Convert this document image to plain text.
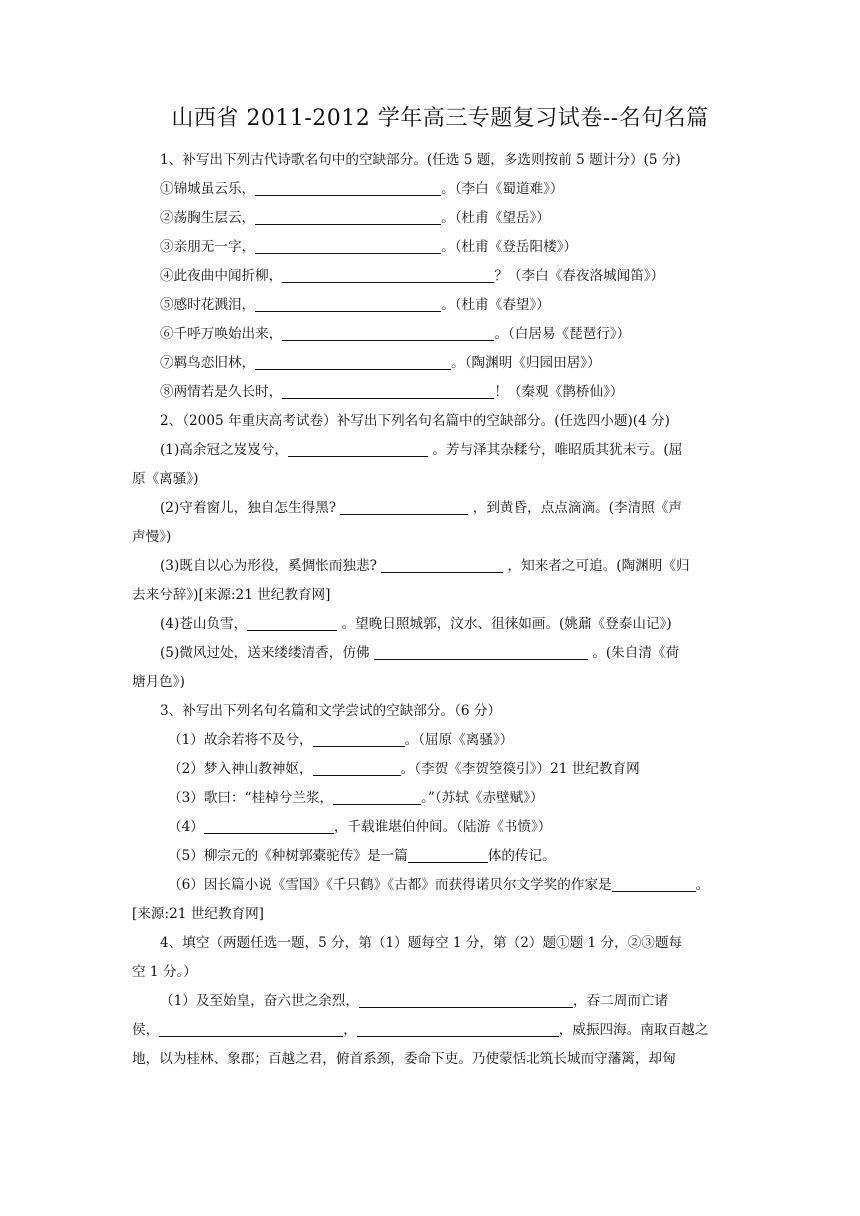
山西省 2011-2012 学年高三专题复习试卷--名句名篇
1、补写出下列古代诗歌名句中的空缺部分。(任选 5 题，多选则按前 5 题计分）(5 分)
①锦城虽云乐，	。（李白《蜀道难》）
②荡胸生层云，	。（杜甫《望岳》）
③亲朋无一字，	。（杜甫《登岳阳楼》）
④此夜曲中闻折柳，	？（李白《春夜洛城闻笛》）
⑤感时花溅泪，	。（杜甫《春望》）
⑥千呼万唤始出来，	。（白居易《琵琶行》）
⑦羁鸟恋旧林，	。（陶渊明《归园田居》）
⑧两情若是久长时，	！（秦观《鹊桥仙》）
2、（2005 年重庆高考试卷）补写出下列名句名篇中的空缺部分。(任选四小题)(4 分)
(1)高余冠之岌岌兮，	。芳与泽其杂糅兮，唯昭质其犹未亏。(屈
原《离骚》)
(2)守着窗儿，独自怎生得黑?	，到黄昏，点点滴滴。(李清照《声
声慢》)
(3)既自以心为形役，奚惆怅而独悲?	，知来者之可追。(陶渊明《归
去来兮辞》)[来源:21 世纪教育网]
(4)苍山负雪，	。望晚日照城郭，汶水、徂徕如画。(姚鼐《登泰山记》)
(5)微风过处，送来缕缕清香，仿佛	。(朱自清《荷
塘月色》)
3、补写出下列名句名篇和文学尝试的空缺部分。（6 分）
（1）故余若将不及兮，	。（屈原《离骚》）
（2）梦入神山教神妪，	。（李贺《李贺箜篌引》）21 世纪教育网
（3）歌曰：“桂棹兮兰浆，	。”（苏轼《赤壁赋》）
（4）	，千载谁堪伯仲间。（陆游《书愤》）
（5）柳宗元的《种树郭橐驼传》是一篇	体的传记。
（6）因长篇小说《雪国》《千只鹤》《古都》而获得诺贝尔文学奖的作家是	。
[来源:21 世纪教育网]
4、填空（两题任选一题，5 分，第（1）题每空 1 分，第（2）题①题 1 分，②③题每
空 1 分。）
（1）及至始皇，奋六世之余烈，	，吞二周而亡诸
侯，	，	，威振四海。南取百越之
地，以为桂林、象郡；百越之君，俯首系颈，委命下吏。乃使蒙恬北筑长城而守藩篱，却匈
